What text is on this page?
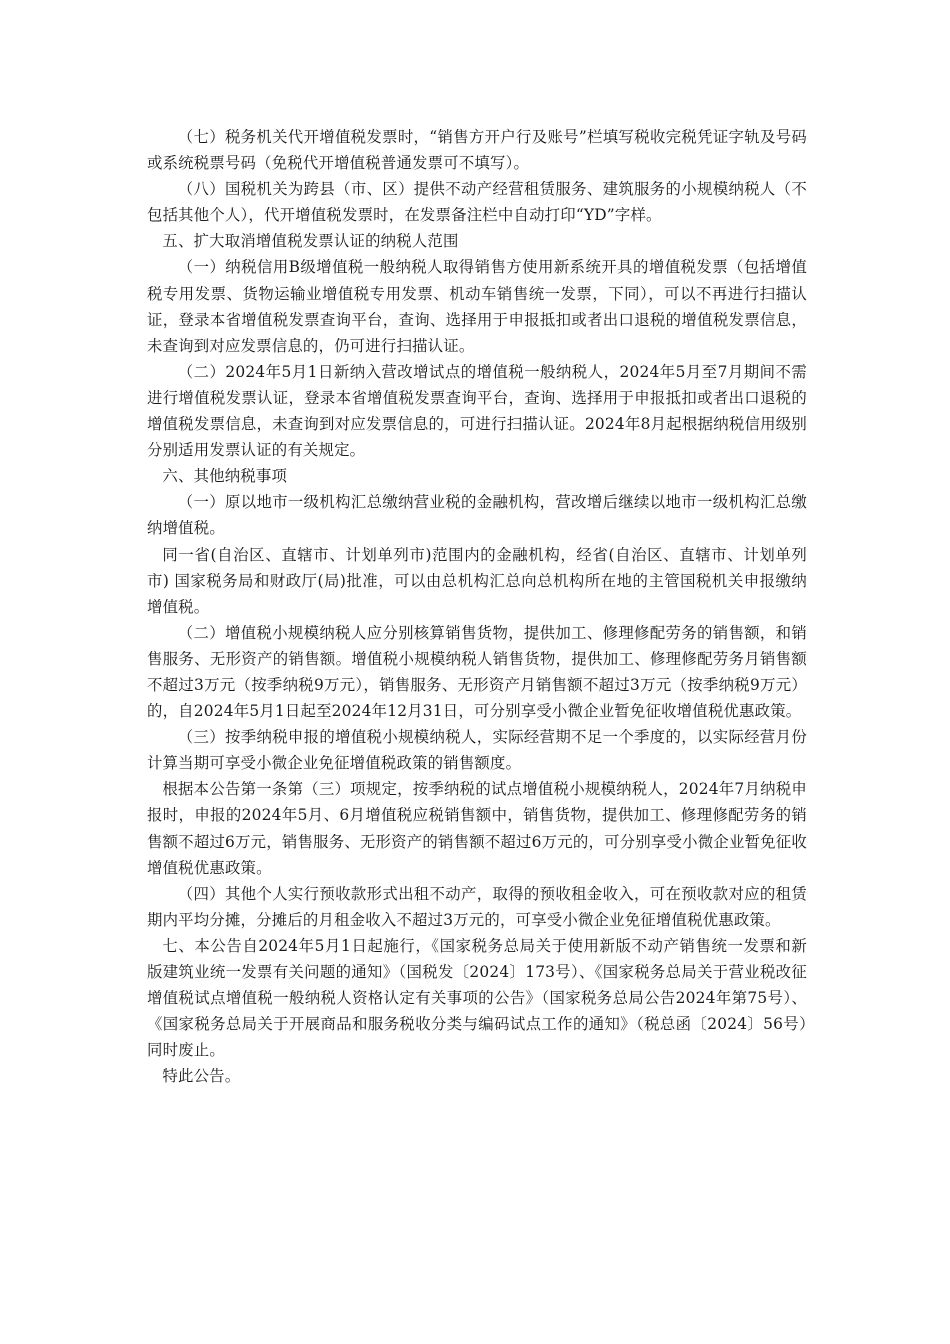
（七）税务机关代开增值税发票时，“销售方开户行及账号”栏填写税收完税凭证字轨及号码或系统税票号码（免税代开增值税普通发票可不填写）。

（八）国税机关为跨县（市、区）提供不动产经营租赁服务、建筑服务的小规模纳税人（不包括其他个人），代开增值税发票时，在发票备注栏中自动打印“YD”字样。

五、扩大取消增值税发票认证的纳税人范围

（一）纳税信用B级增值税一般纳税人取得销售方使用新系统开具的增值税发票（包括增值税专用发票、货物运输业增值税专用发票、机动车销售统一发票，下同），可以不再进行扫描认证，登录本省增值税发票查询平台，查询、选择用于申报抵扣或者出口退税的增值税发票信息，未查询到对应发票信息的，仍可进行扫描认证。

（二）2024年5月1日新纳入营改增试点的增值税一般纳税人，2024年5月至7月期间不需进行增值税发票认证，登录本省增值税发票查询平台，查询、选择用于申报抵扣或者出口退税的增值税发票信息，未查询到对应发票信息的，可进行扫描认证。2024年8月起根据纳税信用级别分别适用发票认证的有关规定。

六、其他纳税事项

（一）原以地市一级机构汇总缴纳营业税的金融机构，营改增后继续以地市一级机构汇总缴纳增值税。

同一省(自治区、直辖市、计划单列市)范围内的金融机构，经省(自治区、直辖市、计划单列市) 国家税务局和财政厅(局)批准，可以由总机构汇总向总机构所在地的主管国税机关申报缴纳增值税。

（二）增值税小规模纳税人应分别核算销售货物，提供加工、修理修配劳务的销售额，和销售服务、无形资产的销售额。增值税小规模纳税人销售货物，提供加工、修理修配劳务月销售额不超过3万元（按季纳税9万元），销售服务、无形资产月销售额不超过3万元（按季纳税9万元）的，自2024年5月1日起至2024年12月31日，可分别享受小微企业暂免征收增值税优惠政策。

（三）按季纳税申报的增值税小规模纳税人，实际经营期不足一个季度的，以实际经营月份计算当期可享受小微企业免征增值税政策的销售额度。

根据本公告第一条第（三）项规定，按季纳税的试点增值税小规模纳税人，2024年7月纳税申报时，申报的2024年5月、6月增值税应税销售额中，销售货物，提供加工、修理修配劳务的销售额不超过6万元，销售服务、无形资产的销售额不超过6万元的，可分别享受小微企业暂免征收增值税优惠政策。

（四）其他个人实行预收款形式出租不动产，取得的预收租金收入，可在预收款对应的租赁期内平均分摊，分摊后的月租金收入不超过3万元的，可享受小微企业免征增值税优惠政策。

七、本公告自2024年5月1日起施行，《国家税务总局关于使用新版不动产销售统一发票和新版建筑业统一发票有关问题的通知》（国税发〔2024〕173号）、《国家税务总局关于营业税改征增值税试点增值税一般纳税人资格认定有关事项的公告》（国家税务总局公告2024年第75号）、《国家税务总局关于开展商品和服务税收分类与编码试点工作的通知》（税总函〔2024〕56号）同时废止。

特此公告。
